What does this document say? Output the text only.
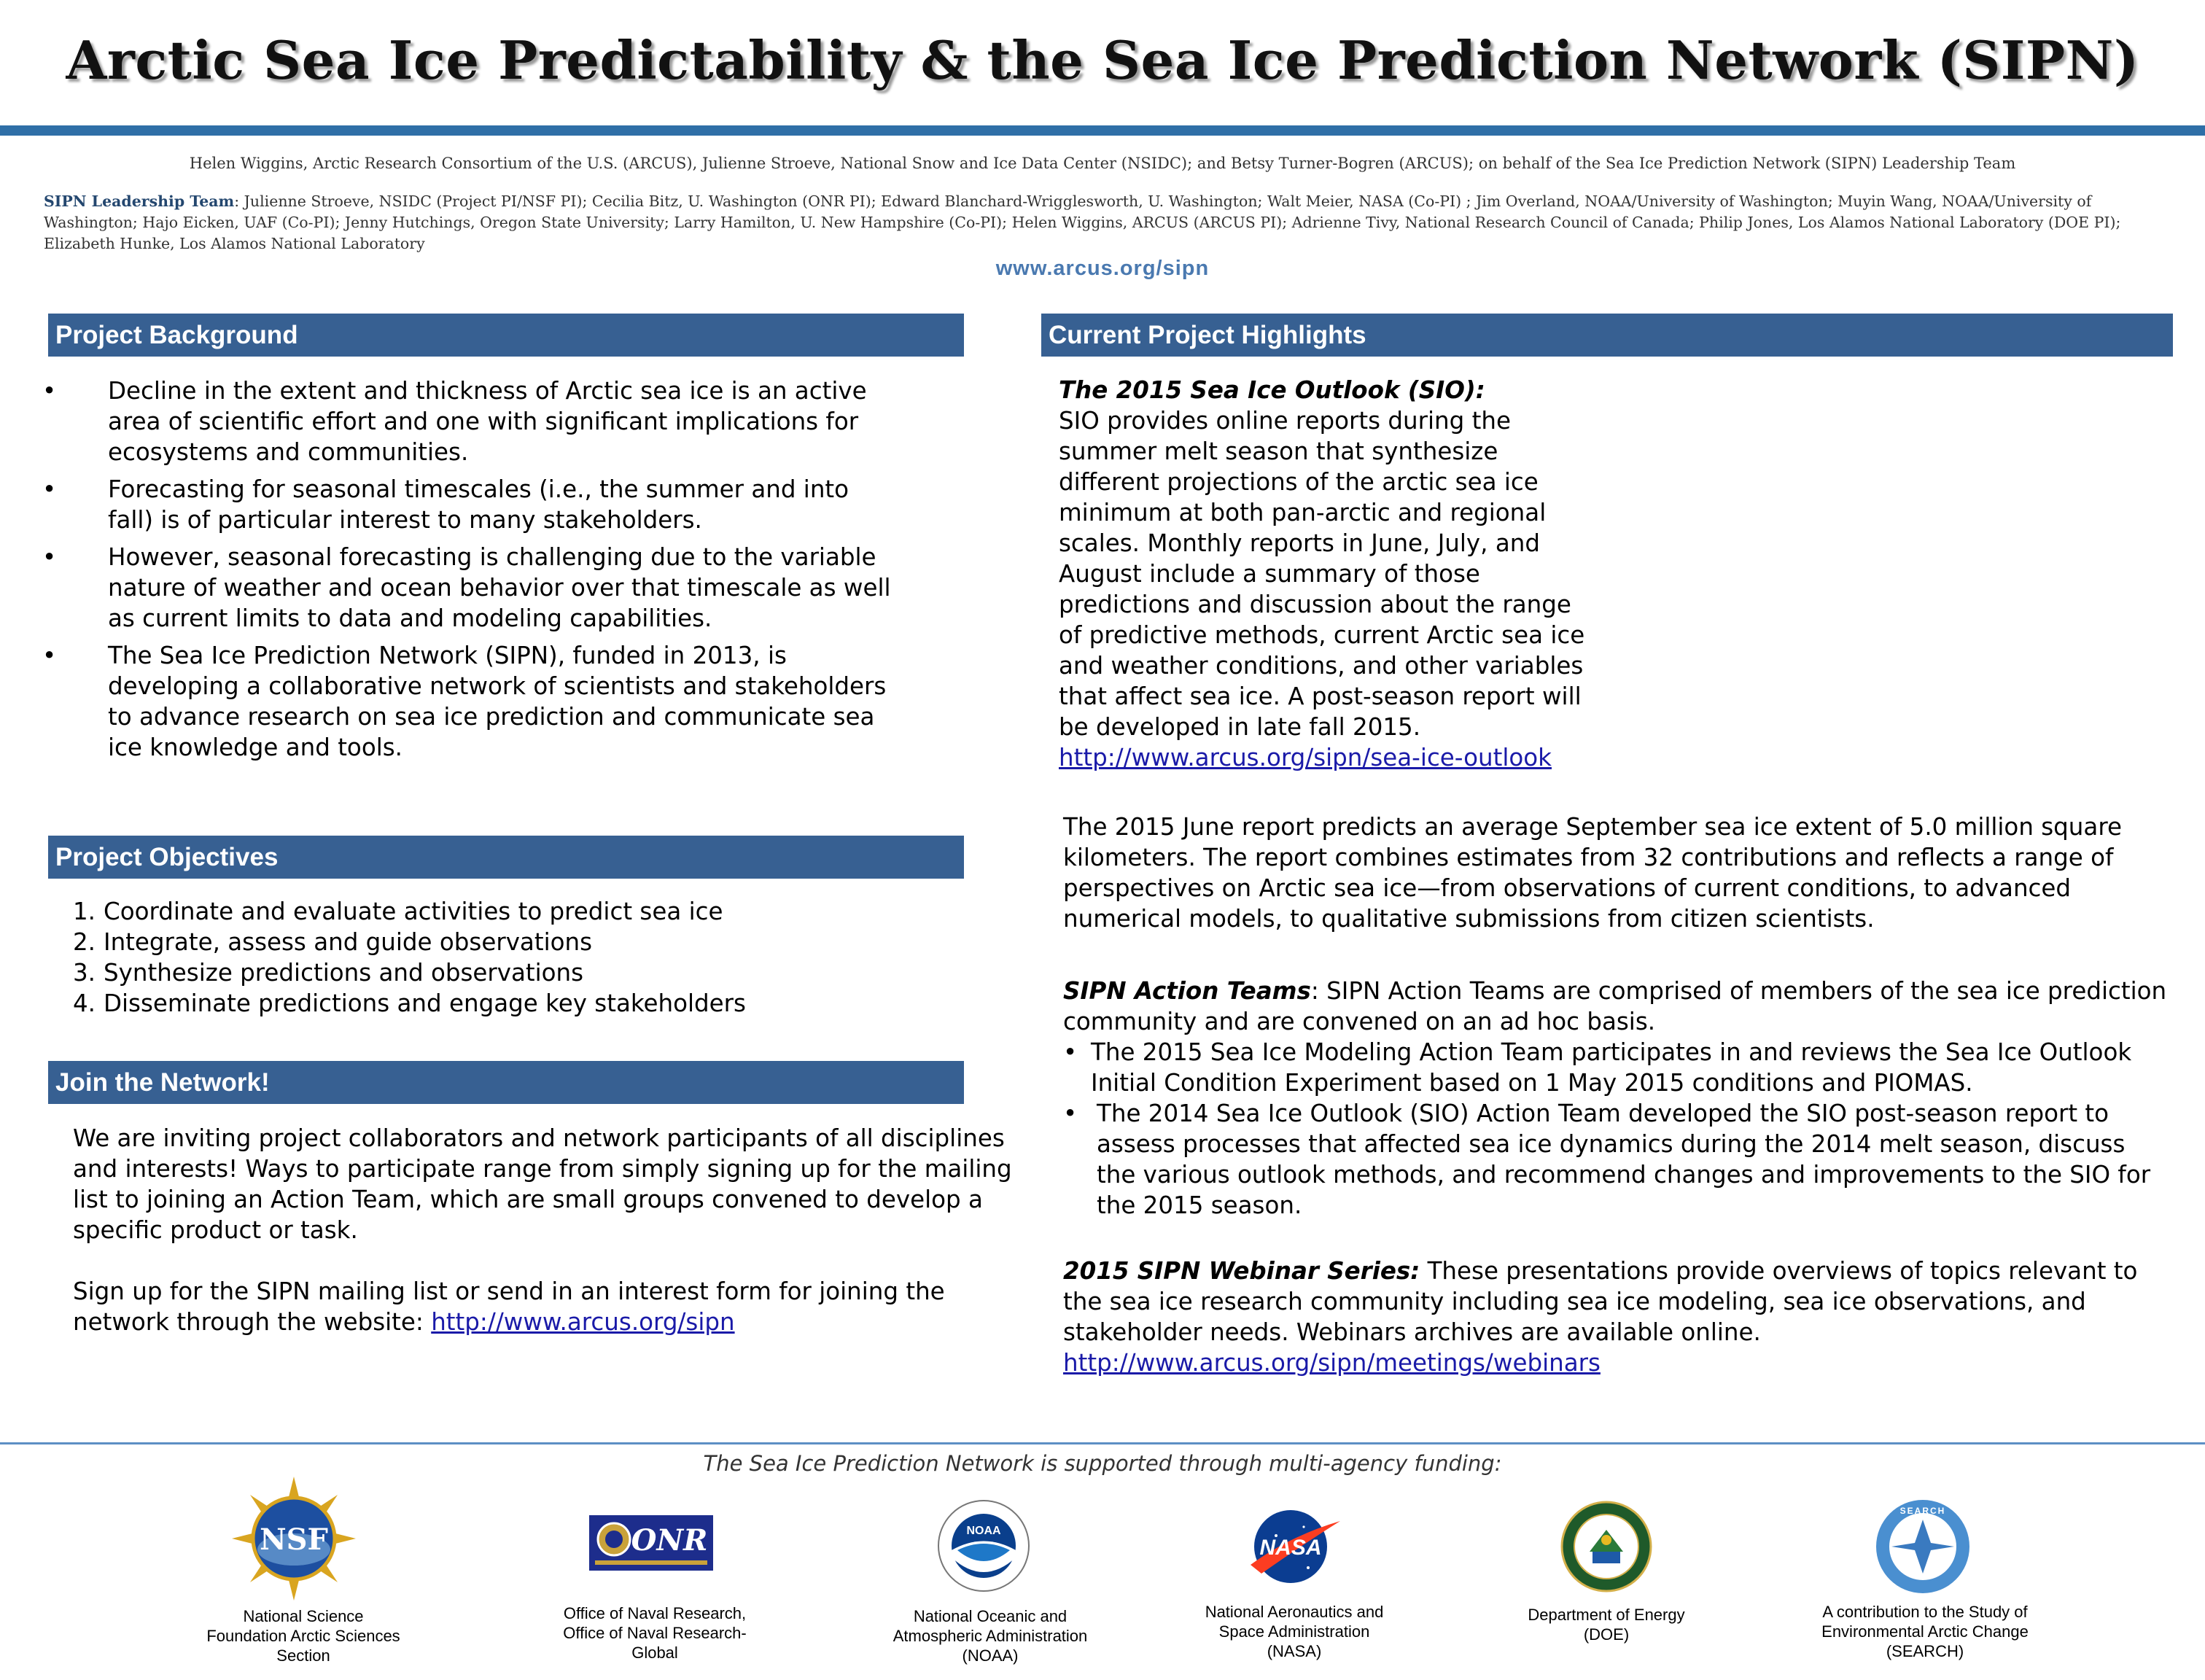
Arctic Sea Ice Predictability & the Sea Ice Prediction Network (SIPN)
Helen Wiggins, Arctic Research Consortium of the U.S. (ARCUS), Julienne Stroeve, National Snow and Ice Data Center (NSIDC); and Betsy Turner-Bogren (ARCUS); on behalf of the Sea Ice Prediction Network (SIPN) Leadership Team
SIPN Leadership Team: Julienne Stroeve, NSIDC (Project PI/NSF PI); Cecilia Bitz, U. Washington (ONR PI); Edward Blanchard-Wrigglesworth, U. Washington; Walt Meier, NASA (Co-PI) ; Jim Overland, NOAA/University of Washington; Muyin Wang, NOAA/University of Washington; Hajo Eicken, UAF (Co-PI); Jenny Hutchings, Oregon State University; Larry Hamilton, U. New Hampshire (Co-PI); Helen Wiggins, ARCUS (ARCUS PI); Adrienne Tivy, National Research Council of Canada; Philip Jones, Los Alamos National Laboratory (DOE PI); Elizabeth Hunke, Los Alamos National Laboratory
www.arcus.org/sipn
Project Background
• Decline in the extent and thickness of Arctic sea ice is an active area of scientific effort and one with significant implications for ecosystems and communities.
• Forecasting for seasonal timescales (i.e., the summer and into fall) is of particular interest to many stakeholders.
• However, seasonal forecasting is challenging due to the variable nature of weather and ocean behavior over that timescale as well as current limits to data and modeling capabilities.
• The Sea Ice Prediction Network (SIPN), funded in 2013, is developing a collaborative network of scientists and stakeholders to advance research on sea ice prediction and communicate sea ice knowledge and tools.
Project Objectives
1. Coordinate and evaluate activities to predict sea ice
2. Integrate, assess and guide observations
3. Synthesize predictions and observations
4. Disseminate predictions and engage key stakeholders
Join the Network!
We are inviting project collaborators and network participants of all disciplines and interests! Ways to participate range from simply signing up for the mailing list to joining an Action Team, which are small groups convened to develop a specific product or task.
Sign up for the SIPN mailing list or send in an interest form for joining the network through the website: http://www.arcus.org/sipn
Current Project Highlights
The 2015 Sea Ice Outlook (SIO):
SIO provides online reports during the summer melt season that synthesize different projections of the arctic sea ice minimum at both pan-arctic and regional scales. Monthly reports in June, July, and August include a summary of those predictions and discussion about the range of predictive methods, current Arctic sea ice and weather conditions, and other variables that affect sea ice. A post-season report will be developed in late fall 2015.
http://www.arcus.org/sipn/sea-ice-outlook
The 2015 June report predicts an average September sea ice extent of 5.0 million square kilometers. The report combines estimates from 32 contributions and reflects a range of perspectives on Arctic sea ice—from observations of current conditions, to advanced numerical models, to qualitative submissions from citizen scientists.
SIPN Action Teams: SIPN Action Teams are comprised of members of the sea ice prediction community and are convened on an ad hoc basis.
• The 2015 Sea Ice Modeling Action Team participates in and reviews the Sea Ice Outlook Initial Condition Experiment based on 1 May 2015 conditions and PIOMAS.
• The 2014 Sea Ice Outlook (SIO) Action Team developed the SIO post-season report to assess processes that affected sea ice dynamics during the 2014 melt season, discuss the various outlook methods, and recommend changes and improvements to the SIO for the 2015 season.
2015 SIPN Webinar Series: These presentations provide overviews of topics relevant to the sea ice research community including sea ice modeling, sea ice observations, and stakeholder needs. Webinars archives are available online.
http://www.arcus.org/sipn/meetings/webinars
The Sea Ice Prediction Network is supported through multi-agency funding:
NSF
National Science
Foundation Arctic Sciences
Section
ONR
Office of Naval Research,
Office of Naval Research-
Global
NOAA
National Oceanic and
Atmospheric Administration
(NOAA)
NASA
National Aeronautics and
Space Administration
(NASA)
Department of Energy
(DOE)
SEARCH
A contribution to the Study of
Environmental Arctic Change
(SEARCH)
